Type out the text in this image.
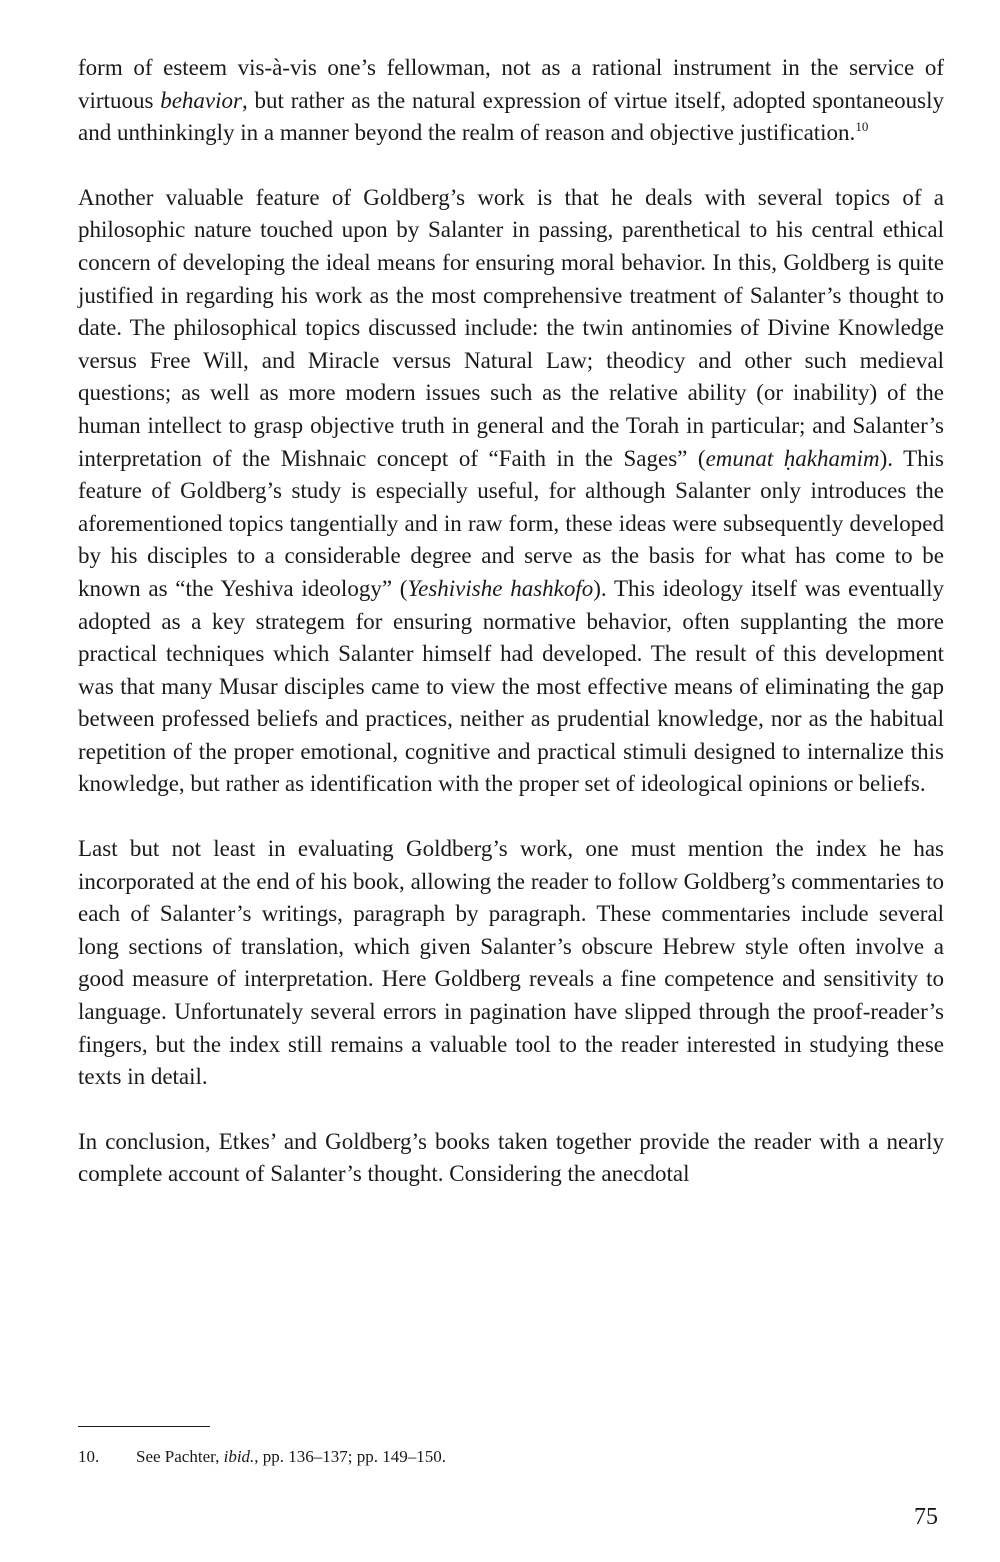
form of esteem vis-à-vis one’s fellowman, not as a rational instrument in the service of virtuous behavior, but rather as the natural expression of virtue itself, adopted spontaneously and unthinkingly in a manner beyond the realm of reason and objective justification.$^{10}$

Another valuable feature of Goldberg’s work is that he deals with several topics of a philosophic nature touched upon by Salanter in passing, parenthetical to his central ethical concern of developing the ideal means for ensuring moral behavior. In this, Goldberg is quite justified in regarding his work as the most comprehensive treatment of Salanter’s thought to date. The philosophical topics discussed include: the twin antinomies of Divine Knowledge versus Free Will, and Miracle versus Natural Law; theodicy and other such medieval questions; as well as more modern issues such as the relative ability (or inability) of the human intellect to grasp objective truth in general and the Torah in particular; and Salanter’s interpretation of the Mishnaic concept of “Faith in the Sages” (emunat ḥakhamim). This feature of Goldberg’s study is especially useful, for although Salanter only introduces the aforementioned topics tangentially and in raw form, these ideas were subsequently developed by his disciples to a considerable degree and serve as the basis for what has come to be known as “the Yeshiva ideology” (Yeshivishe hashkofo). This ideology itself was eventually adopted as a key strategem for ensuring normative behavior, often supplanting the more practical techniques which Salanter himself had developed. The result of this development was that many Musar disciples came to view the most effective means of eliminating the gap between professed beliefs and practices, neither as prudential knowledge, nor as the habitual repetition of the proper emotional, cognitive and practical stimuli designed to internalize this knowledge, but rather as identification with the proper set of ideological opinions or beliefs.

Last but not least in evaluating Goldberg’s work, one must mention the index he has incorporated at the end of his book, allowing the reader to follow Goldberg’s commentaries to each of Salanter’s writings, paragraph by paragraph. These commentaries include several long sections of translation, which given Salanter’s obscure Hebrew style often involve a good measure of interpretation. Here Goldberg reveals a fine competence and sensitivity to language. Unfortunately several errors in pagination have slipped through the proof-reader’s fingers, but the index still remains a valuable tool to the reader interested in studying these texts in detail.

In conclusion, Etkes’ and Goldberg’s books taken together provide the reader with a nearly complete account of Salanter’s thought. Considering the anecdotal

10. See Pachter, ibid., pp. 136–137; pp. 149–150.
75
